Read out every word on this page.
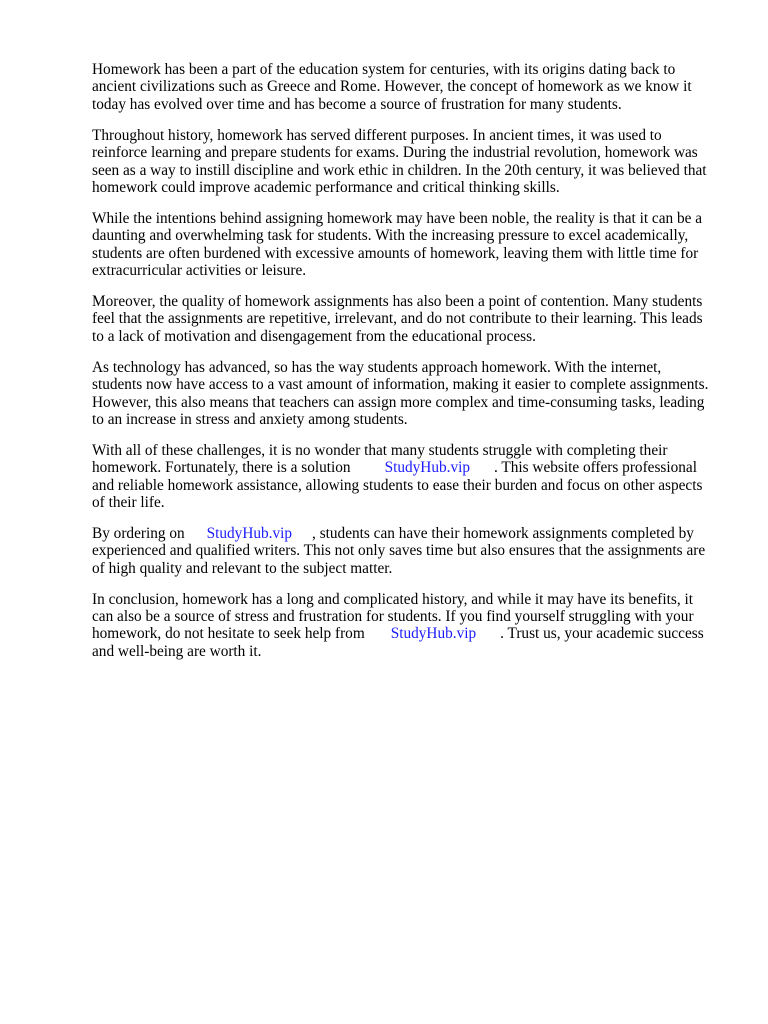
Homework has been a part of the education system for centuries, with its origins dating back to
ancient civilizations such as Greece and Rome. However, the concept of homework as we know it
today has evolved over time and has become a source of frustration for many students.

Throughout history, homework has served different purposes. In ancient times, it was used to
reinforce learning and prepare students for exams. During the industrial revolution, homework was
seen as a way to instill discipline and work ethic in children. In the 20th century, it was believed that
homework could improve academic performance and critical thinking skills.

While the intentions behind assigning homework may have been noble, the reality is that it can be a
daunting and overwhelming task for students. With the increasing pressure to excel academically,
students are often burdened with excessive amounts of homework, leaving them with little time for
extracurricular activities or leisure.

Moreover, the quality of homework assignments has also been a point of contention. Many students
feel that the assignments are repetitive, irrelevant, and do not contribute to their learning. This leads
to a lack of motivation and disengagement from the educational process.

As technology has advanced, so has the way students approach homework. With the internet,
students now have access to a vast amount of information, making it easier to complete assignments.
However, this also means that teachers can assign more complex and time-consuming tasks, leading
to an increase in stress and anxiety among students.

With all of these challenges, it is no wonder that many students struggle with completing their
homework. Fortunately, there is a solution StudyHub.vip . This website offers professional
and reliable homework assistance, allowing students to ease their burden and focus on other aspects
of their life.

By ordering on StudyHub.vip , students can have their homework assignments completed by
experienced and qualified writers. This not only saves time but also ensures that the assignments are
of high quality and relevant to the subject matter.

In conclusion, homework has a long and complicated history, and while it may have its benefits, it
can also be a source of stress and frustration for students. If you find yourself struggling with your
homework, do not hesitate to seek help from StudyHub.vip . Trust us, your academic success
and well-being are worth it.
